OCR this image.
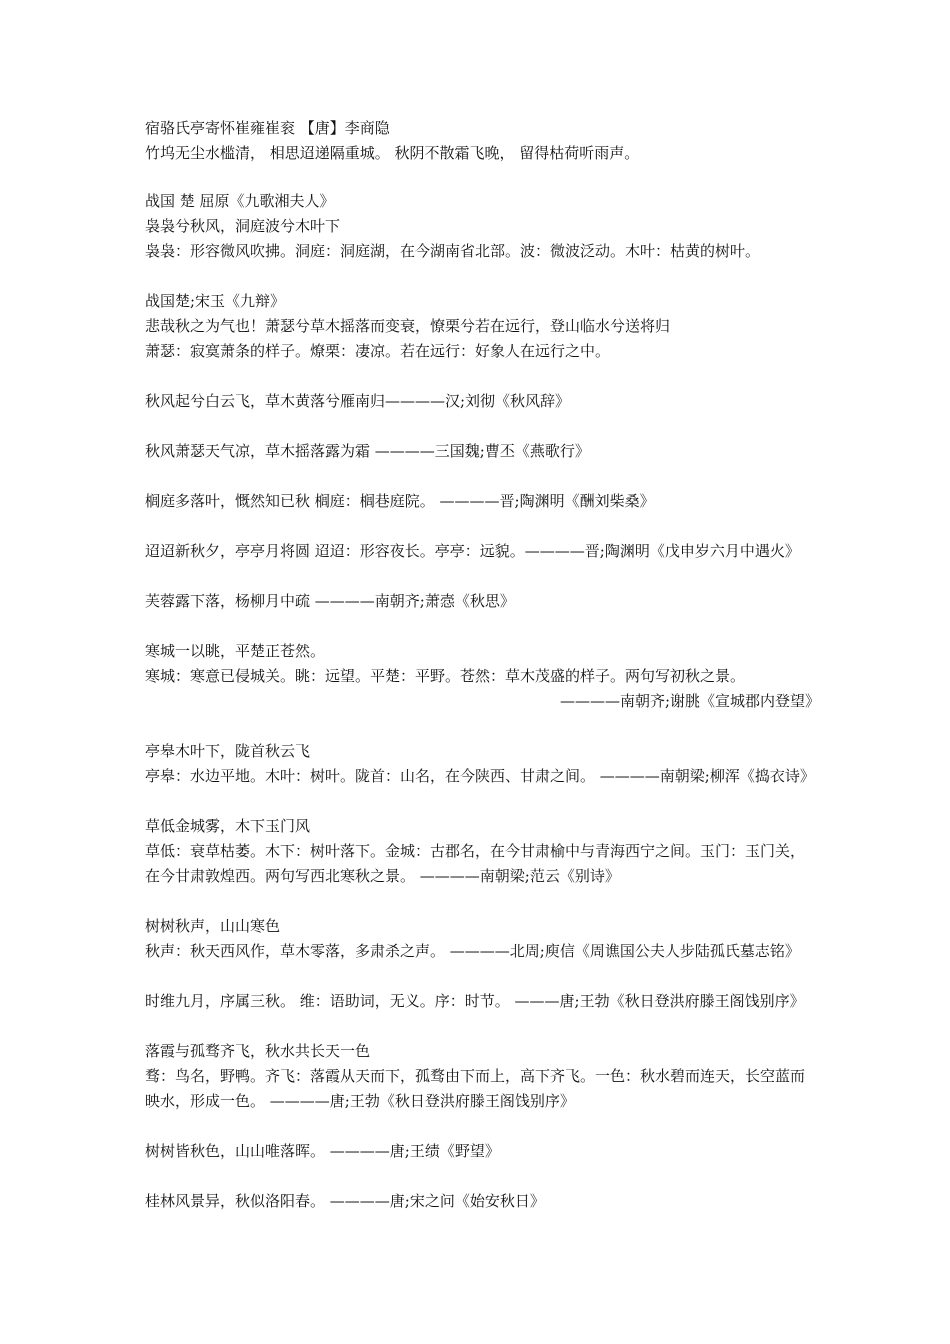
宿骆氏亭寄怀崔雍崔衮 【唐】李商隐
竹坞无尘水槛清， 相思迢递隔重城。 秋阴不散霜飞晚， 留得枯荷听雨声。
战国 楚 屈原《九歌湘夫人》
袅袅兮秋风，洞庭波兮木叶下
袅袅：形容微风吹拂。洞庭：洞庭湖，在今湖南省北部。波：微波泛动。木叶：枯黄的树叶。
战国楚;宋玉《九辩》
悲哉秋之为气也！萧瑟兮草木摇落而变衰，憭栗兮若在远行，登山临水兮送将归
萧瑟：寂寞萧条的样子。燎栗：凄凉。若在远行：好象人在远行之中。
秋风起兮白云飞，草木黄落兮雁南归————汉;刘彻《秋风辞》
秋风萧瑟天气凉，草木摇落露为霜 ————三国魏;曹丕《燕歌行》
榈庭多落叶，慨然知已秋 榈庭：榈巷庭院。 ————晋;陶渊明《酬刘柴桑》
迢迢新秋夕，亭亭月将圆 迢迢：形容夜长。亭亭：远貌。————晋;陶渊明《戊申岁六月中遇火》
芙蓉露下落，杨柳月中疏 ————南朝齐;萧悫《秋思》
寒城一以眺，平楚正苍然。
寒城：寒意已侵城关。眺：远望。平楚：平野。苍然：草木茂盛的样子。两句写初秋之景。
————南朝齐;谢朓《宣城郡内登望》
亭皋木叶下，陇首秋云飞
亭皋：水边平地。木叶：树叶。陇首：山名，在今陕西、甘肃之间。 ————南朝梁;柳浑《捣衣诗》
草低金城雾，木下玉门风
草低：衰草枯萎。木下：树叶落下。金城：古郡名，在今甘肃榆中与青海西宁之间。玉门：玉门关，
在今甘肃敦煌西。两句写西北寒秋之景。 ————南朝梁;范云《别诗》
树树秋声，山山寒色
秋声：秋天西风作，草木零落，多肃杀之声。 ————北周;庾信《周谯国公夫人步陆孤氏墓志铭》
时维九月，序属三秋。 维：语助词，无义。序：时节。 ———唐;王勃《秋日登洪府滕王阁饯别序》
落霞与孤骛齐飞，秋水共长天一色
骛：鸟名，野鸭。齐飞：落霞从天而下，孤骛由下而上，高下齐飞。一色：秋水碧而连天，长空蓝而
映水，形成一色。 ————唐;王勃《秋日登洪府滕王阁饯别序》
树树皆秋色，山山唯落晖。 ————唐;王绩《野望》
桂林风景异，秋似洛阳春。 ————唐;宋之问《始安秋日》
